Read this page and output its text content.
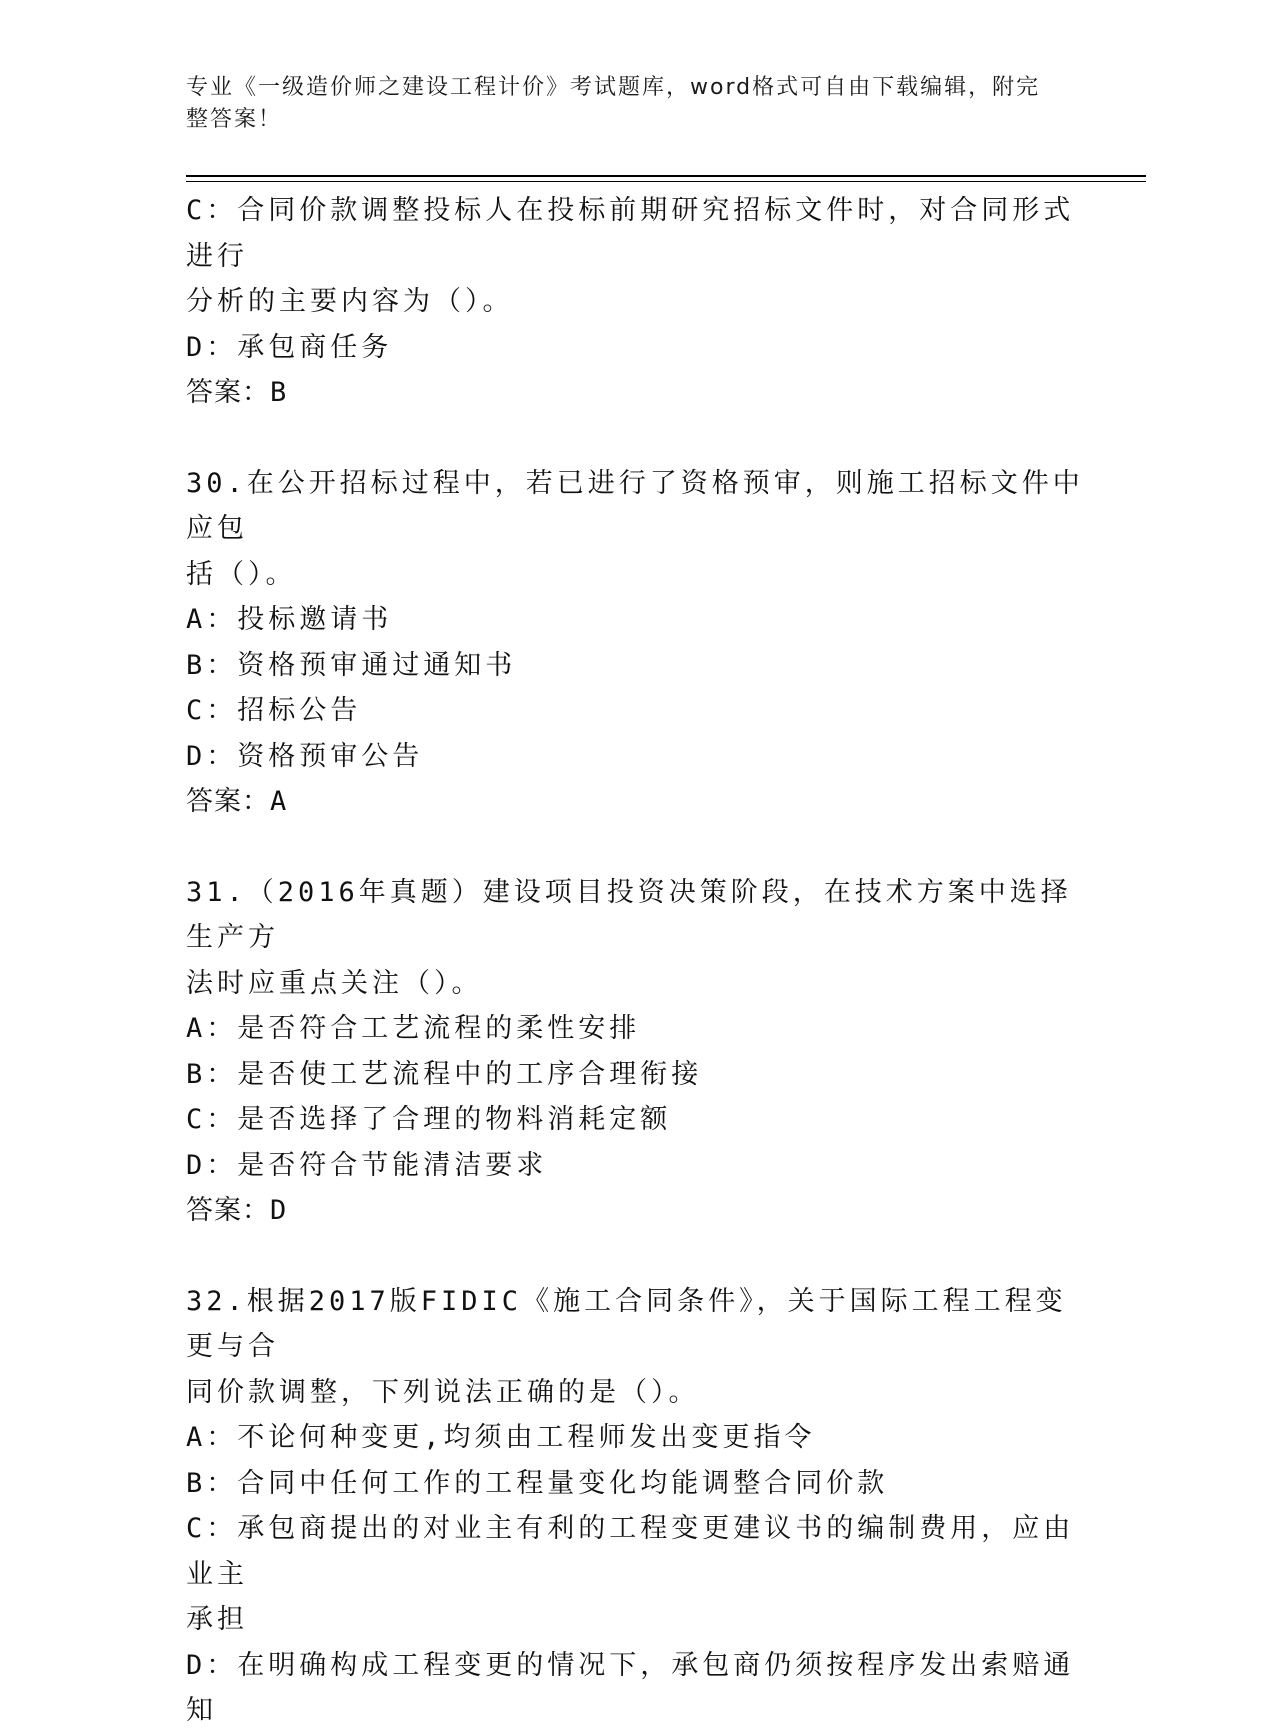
专业《一级造价师之建设工程计价》考试题库，word格式可自由下载编辑，附完
整答案！
C：合同价款调整投标人在投标前期研究招标文件时，对合同形式进行
分析的主要内容为（）。
D：承包商任务
答案：B
30.在公开招标过程中，若已进行了资格预审，则施工招标文件中应包
括（）。
A：投标邀请书
B：资格预审通过通知书
C：招标公告
D：资格预审公告
答案：A
31.（2016年真题）建设项目投资决策阶段，在技术方案中选择生产方
法时应重点关注（）。
A：是否符合工艺流程的柔性安排
B：是否使工艺流程中的工序合理衔接
C：是否选择了合理的物料消耗定额
D：是否符合节能清洁要求
答案：D
32.根据2017版FIDIC《施工合同条件》，关于国际工程工程变更与合
同价款调整，下列说法正确的是（）。
A：不论何种变更,均须由工程师发出变更指令
B：合同中任何工作的工程量变化均能调整合同价款
C：承包商提出的对业主有利的工程变更建议书的编制费用，应由业主
承担
D：在明确构成工程变更的情况下，承包商仍须按程序发出索赔通知
